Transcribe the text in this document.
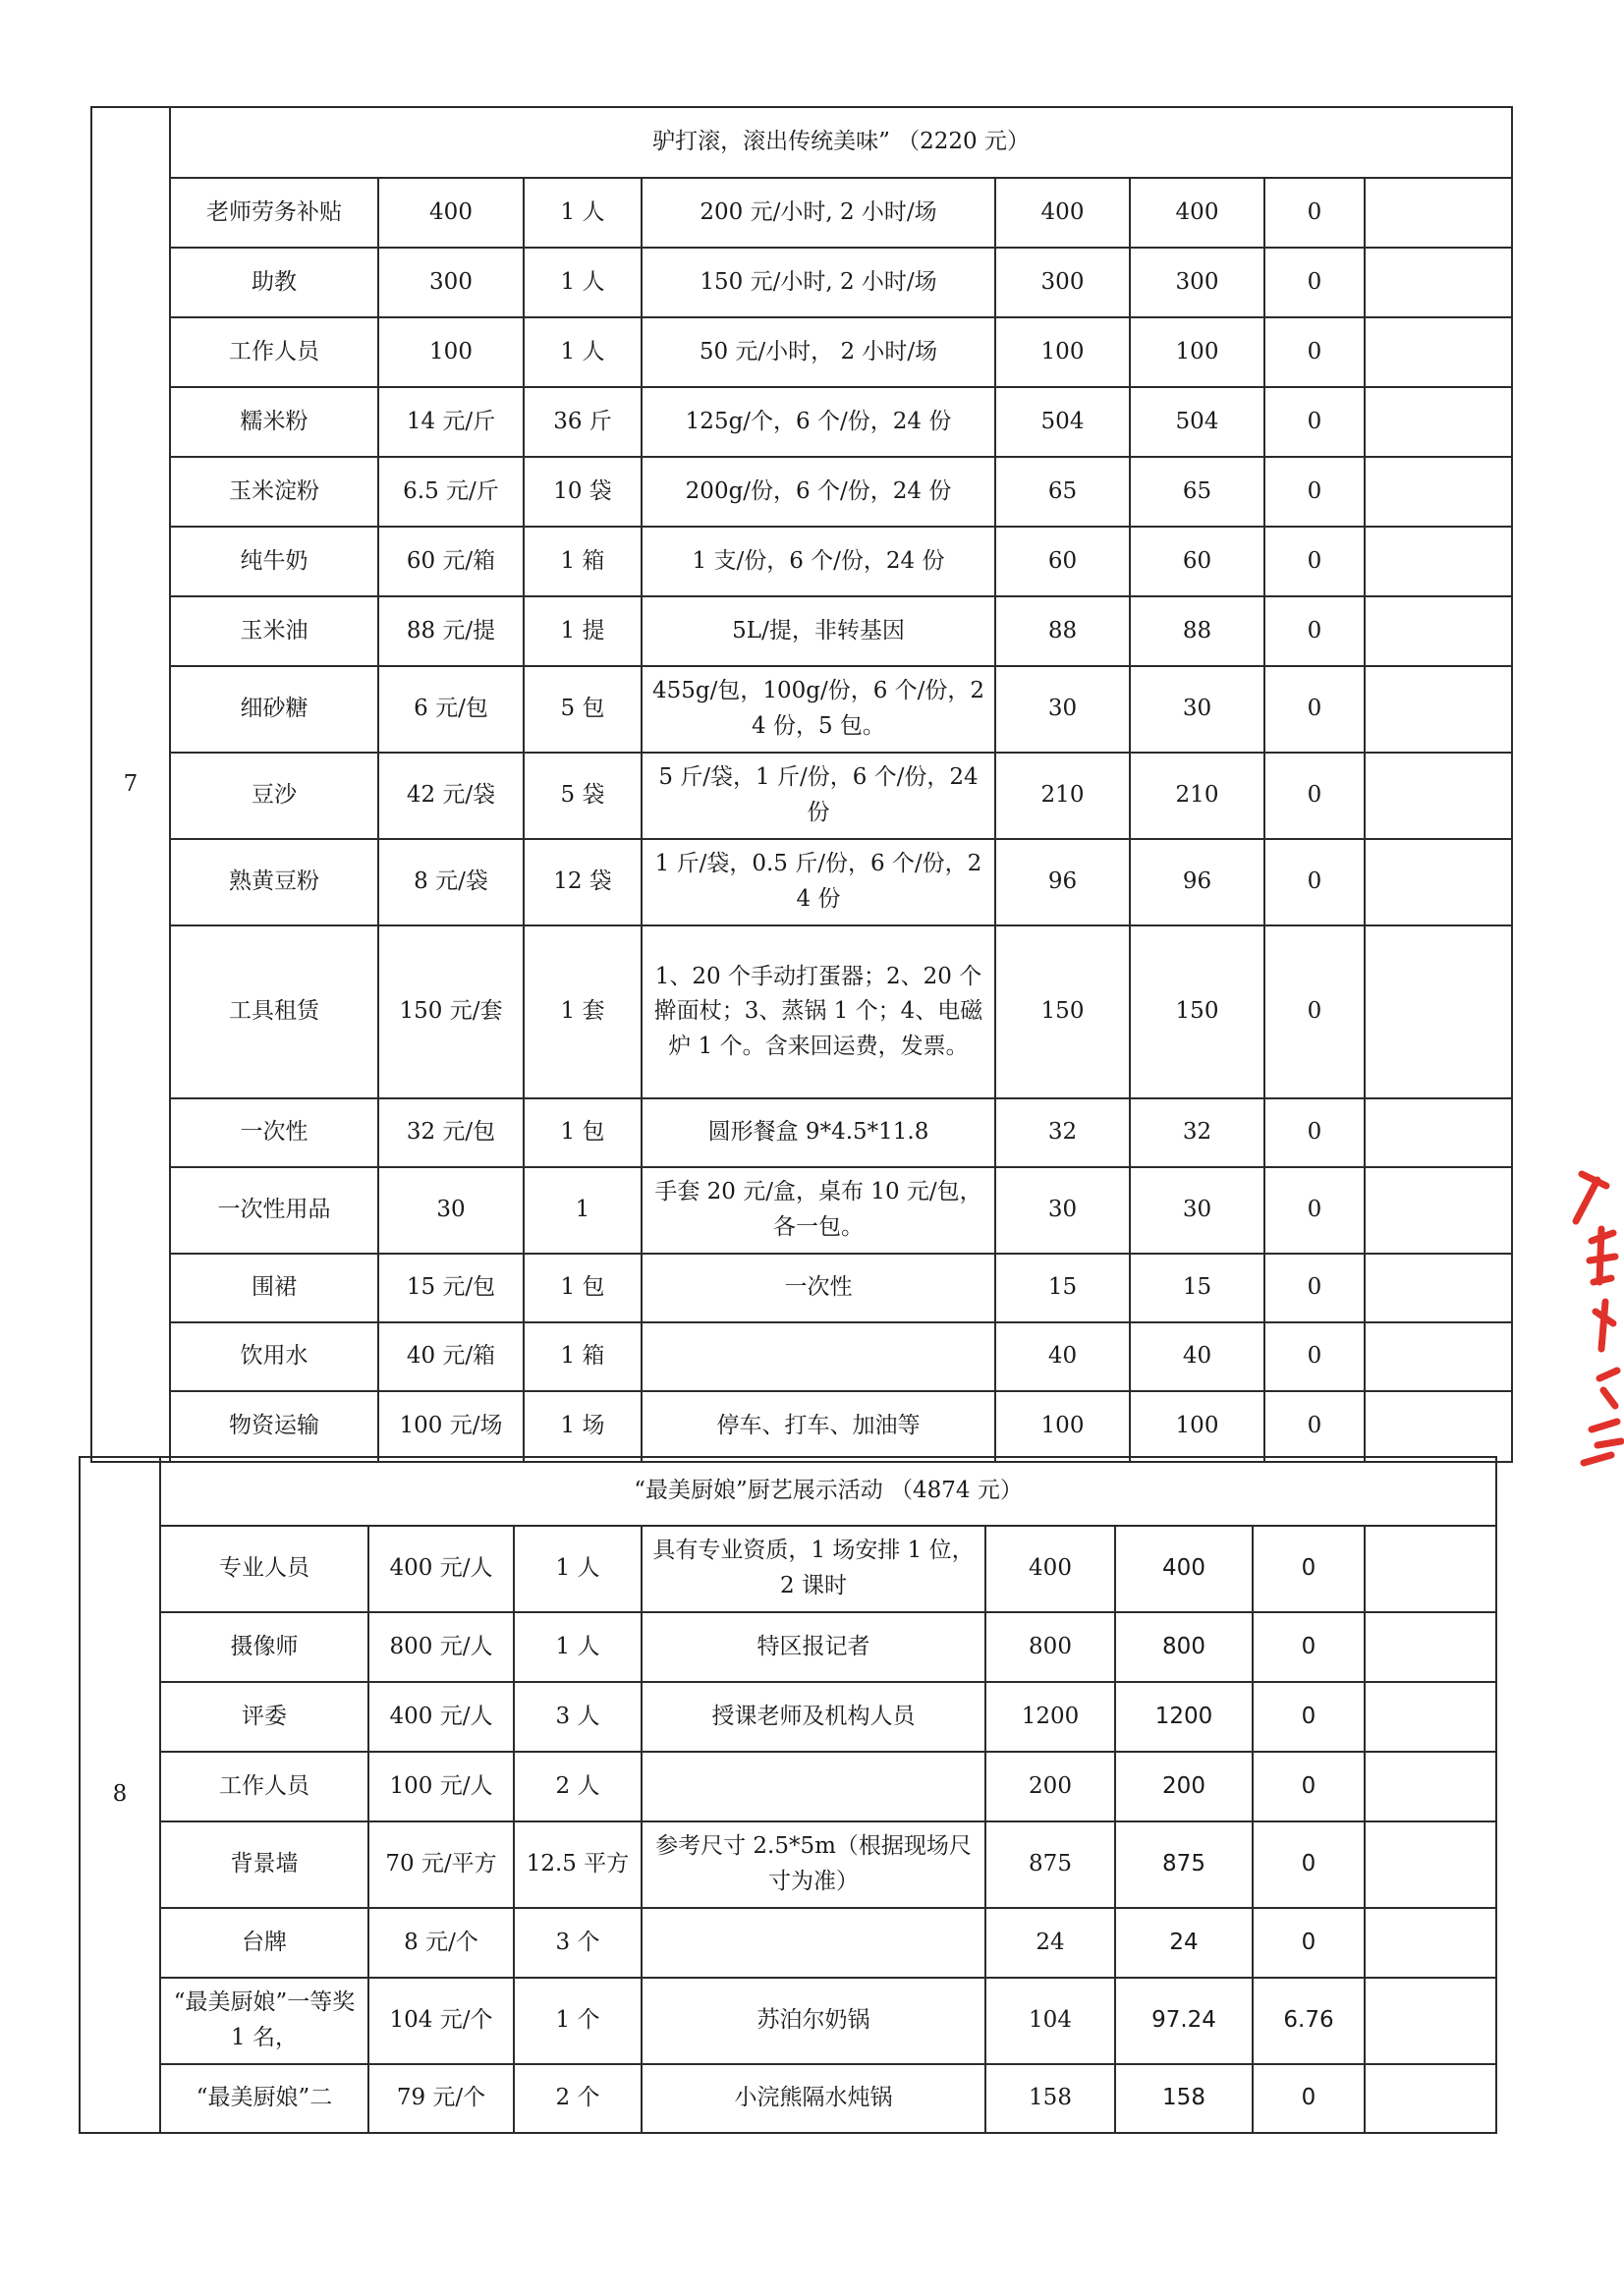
7	驴打滚，滚出传统美味” （2220 元）							
	老师劳务补贴	400	1 人	200 元/小时, 2 小时/场	400	400	0	
	助教	300	1 人	150 元/小时, 2 小时/场	300	300	0	
	工作人员	100	1 人	50 元/小时， 2 小时/场	100	100	0	
	糯米粉	14 元/斤	36 斤	125g/个，6 个/份，24 份	504	504	0	
	玉米淀粉	6.5 元/斤	10 袋	200g/份，6 个/份，24 份	65	65	0	
	纯牛奶	60 元/箱	1 箱	1 支/份，6 个/份，24 份	60	60	0	
	玉米油	88 元/提	1 提	5L/提，非转基因	88	88	0	
	细砂糖	6 元/包	5 包	455g/包，100g/份，6 个/份，24 份，5 包。	30	30	0	
	豆沙	42 元/袋	5 袋	5 斤/袋，1 斤/份，6 个/份，24 份	210	210	0	
	熟黄豆粉	8 元/袋	12 袋	1 斤/袋，0.5 斤/份，6 个/份，24 份	96	96	0	
	工具租赁	150 元/套	1 套	1、20 个手动打蛋器；2、20 个擀面杖；3、蒸锅 1 个；4、电磁炉 1 个。含来回运费，发票。	150	150	0	
	一次性	32 元/包	1 包	圆形餐盒 9*4.5*11.8	32	32	0	
	一次性用品	30	1	手套 20 元/盒，桌布 10 元/包，各一包。	30	30	0	
	围裙	15 元/包	1 包	一次性	15	15	0	
	饮用水	40 元/箱	1 箱		40	40	0	
	物资运输	100 元/场	1 场	停车、打车、加油等	100	100	0	
8	“最美厨娘”厨艺展示活动 （4874 元）							
	专业人员	400 元/人	1 人	具有专业资质，1 场安排 1 位，2 课时	400	400	0	
	摄像师	800 元/人	1 人	特区报记者	800	800	0	
	评委	400 元/人	3 人	授课老师及机构人员	1200	1200	0	
	工作人员	100 元/人	2 人		200	200	0	
	背景墙	70 元/平方	12.5 平方	参考尺寸 2.5*5m（根据现场尺寸为准）	875	875	0	
	台牌	8 元/个	3 个		24	24	0	
	“最美厨娘”一等奖 1 名，	104 元/个	1 个	苏泊尔奶锅	104	97.24	6.76	
	“最美厨娘”二	79 元/个	2 个	小浣熊隔水炖锅	158	158	0	
